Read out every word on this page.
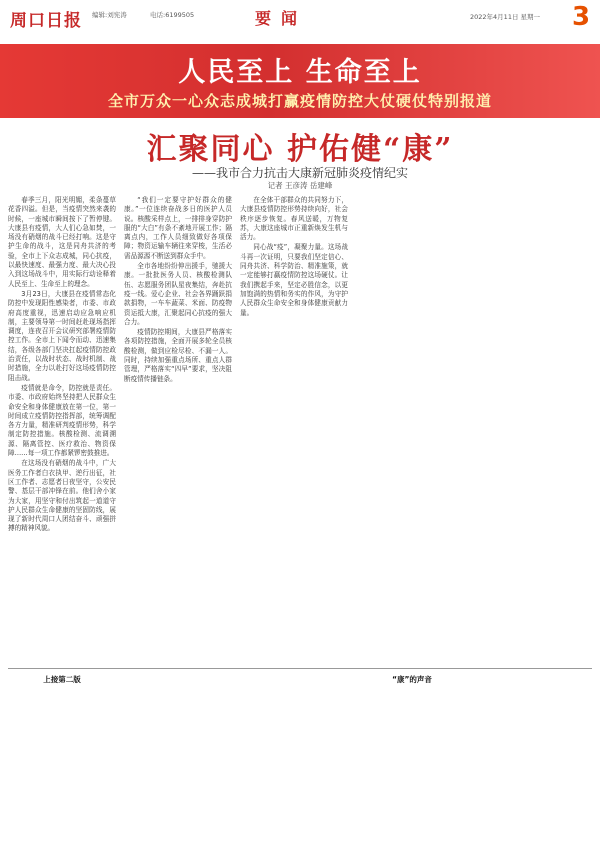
周口日报 编辑:刘宪涛	电话:6199505	要闻	2022年4月11日 星期一 3
人民至上 生命至上
全市万众一心众志成城打赢疫情防控大仗硬仗特别报道
汇聚同心 护佑健“康”
——我市合力抗击大康新冠肺炎疫情纪实
记者 王彦涛 岳建峰

春季三月，阳光明媚，柔条蔓草花香四溢。但是，当疫情突然来袭的时候，一座城市瞬间按下了暂停键。大康县有疫情，大人们心急如焚，一场没有硝烟的战斗已经打响。这是守护生命的战斗，这是同舟共济的考验，全市上下众志成城，同心抗疫，以最快速度、最强力度、最大决心投入到这场战斗中，用实际行动诠释着人民至上、生命至上的理念。

3月23日，大康县在疫情常态化防控中发现阳性感染者，市委、市政府高度重视，迅速启动应急响应机制，主要领导第一时间赶赴现场指挥调度，连夜召开会议研究部署疫情防控工作。全市上下闻令而动、迅速集结，各级各部门坚决扛起疫情防控政治责任，以战时状态、战时机制、战时措施，全力以赴打好这场疫情防控阻击战。

疫情就是命令，防控就是责任。市委、市政府始终坚持把人民群众生命安全和身体健康放在第一位，第一时间成立疫情防控指挥部，统筹调配各方力量，精准研判疫情形势，科学制定防控措施。核酸检测、流调溯源、隔离管控、医疗救治、物资保障……每一项工作都紧锣密鼓推进。

在这场没有硝烟的战斗中，广大医务工作者白衣执甲、逆行出征，社区工作者、志愿者日夜坚守，公安民警、基层干部冲锋在前。他们舍小家为大家，用坚守和付出筑起一道道守护人民群众生命健康的坚固防线，展现了新时代周口人团结奋斗、顽强拼搏的精神风貌。

“我们一定要守护好群众的健康。”一位连续奋战多日的医护人员说。核酸采样点上，一排排身穿防护服的“大白”有条不紊地开展工作；隔离点内，工作人员细致做好各项保障；物资运输车辆往来穿梭，生活必需品源源不断送到群众手中。

全市各地纷纷伸出援手，驰援大康。一批批医务人员、核酸检测队伍、志愿服务团队星夜集结，奔赴抗疫一线。爱心企业、社会各界踊跃捐款捐物，一车车蔬菜、米面、防疫物资运抵大康，汇聚起同心抗疫的强大合力。

疫情防控期间，大康县严格落实各项防控措施，全面开展多轮全员核酸检测，做到应检尽检、不漏一人。同时，持续加强重点场所、重点人群管理，严格落实“四早”要求，坚决阻断疫情传播链条。

在全体干部群众的共同努力下，大康县疫情防控形势持续向好，社会秩序逐步恢复。春风送暖，万物复苏，大康这座城市正重新焕发生机与活力。

同心战“疫”，凝聚力量。这场战斗再一次证明，只要我们坚定信心、同舟共济、科学防治、精准施策，就一定能够打赢疫情防控这场硬仗。让我们携起手来，坚定必胜信念，以更加饱满的热情和务实的作风，为守护人民群众生命安全和身体健康贡献力量。

上接第二版	“康”的声音
